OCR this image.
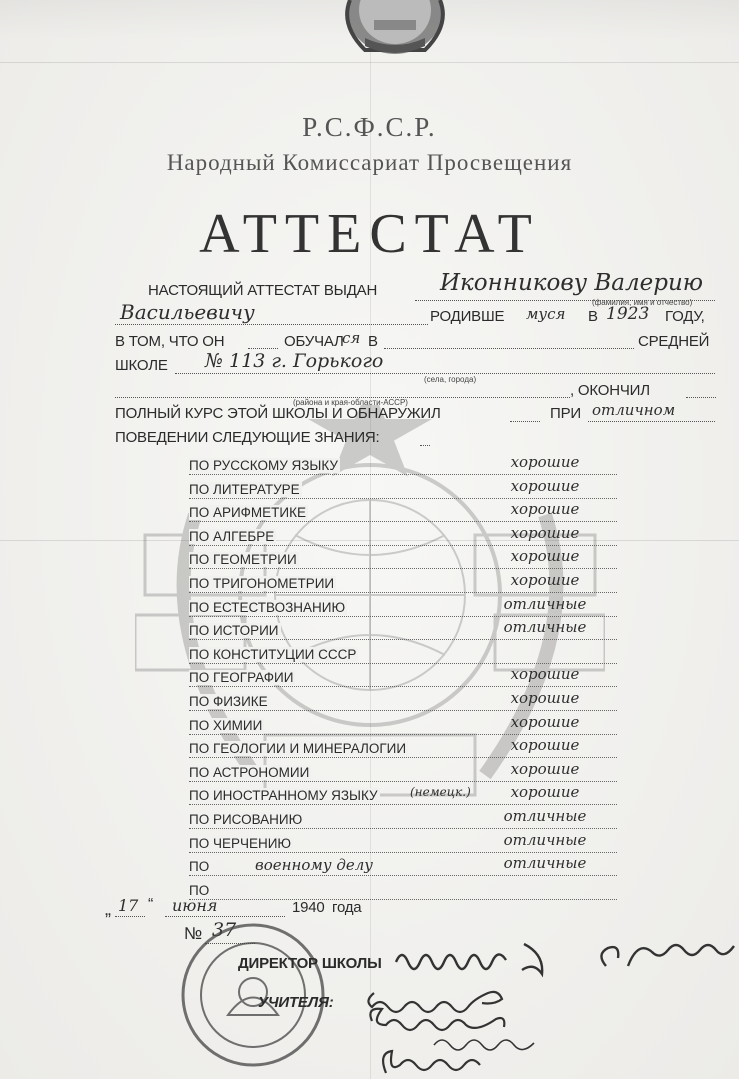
Р.С.Ф.С.Р.
Народный Комиссариат Просвещения
АТТЕСТАТ
НАСТОЯЩИЙ АТТЕСТАТ ВЫДАН	Иконникову Валерию
(фамилия, имя и отчество)
Васильевичу	РОДИВШЕ муся В 1923 ГОДУ,
В ТОМ, ЧТО ОН	ОБУЧАЛ
ся В	СРЕДНЕЙ
ШКОЛЕ № 113 г. Горького
(села, города)
(района и края-области-АССР)
, ОКОНЧИЛ
ПОЛНЫЙ КУРС ЭТОЙ ШКОЛЫ И ОБНАРУЖИЛ	ПРИ отличном
ПОВЕДЕНИИ СЛЕДУЮЩИЕ ЗНАНИЯ:
ПО РУССКОМУ ЯЗЫКУ	хорошие
ПО ЛИТЕРАТУРЕ	хорошие
ПО АРИФМЕТИКЕ	хорошие
ПО АЛГЕБРЕ	хорошие
ПО ГЕОМЕТРИИ	хорошие
ПО ТРИГОНОМЕТРИИ	хорошие
ПО ЕСТЕСТВОЗНАНИЮ	отличные
ПО ИСТОРИИ	отличные
ПО КОНСТИТУЦИИ СССР
ПО ГЕОГРАФИИ	хорошие
ПО ФИЗИКЕ	хорошие
ПО ХИМИИ	хорошие
ПО ГЕОЛОГИИ И МИНЕРАЛОГИИ	хорошие
ПО АСТРОНОМИИ	хорошие
ПО ИНОСТРАННОМУ ЯЗЫКУ	(немецк.)	хорошие
ПО РИСОВАНИЮ	отличные
ПО ЧЕРЧЕНИЮ	отличные
ПО	военному делу	отличные
ПО
„ 17 “ июня	1940 года
№ 37
ДИРЕКТОР ШКОЛЫ
УЧИТЕЛЯ:
